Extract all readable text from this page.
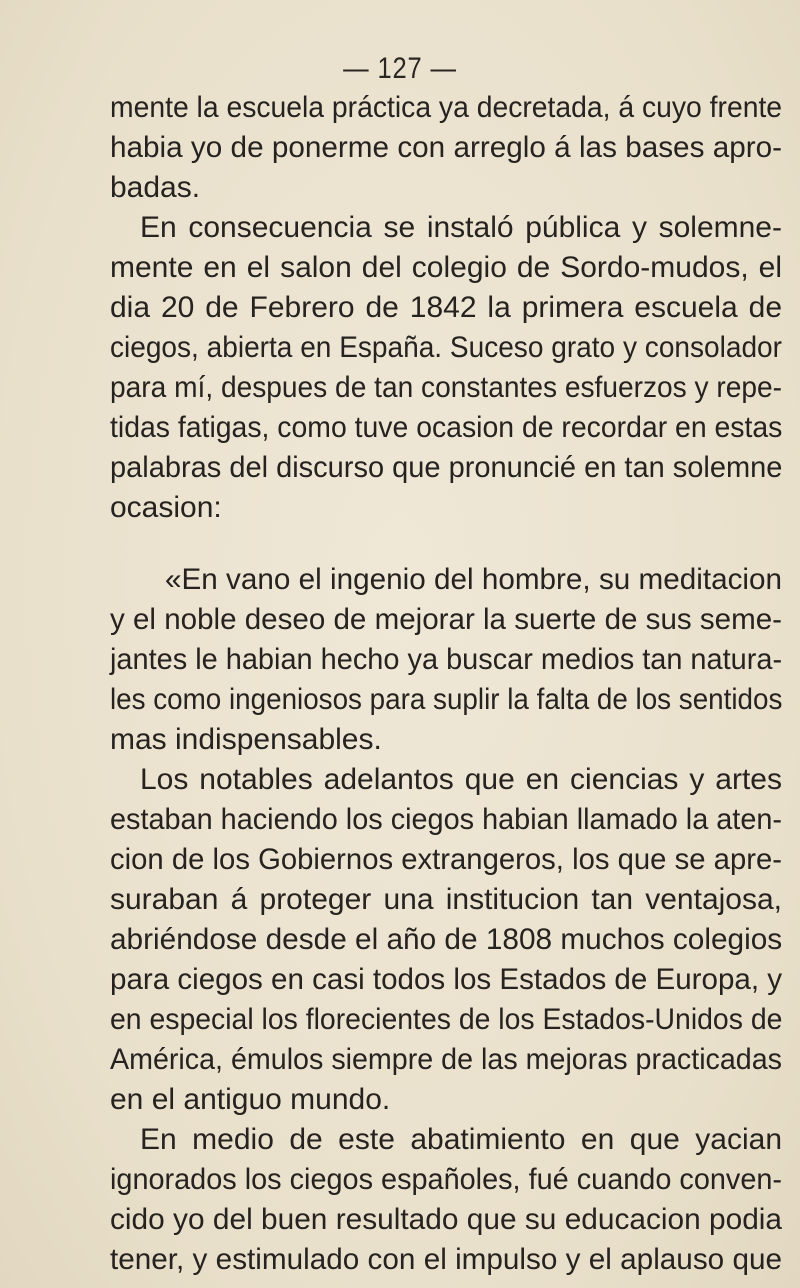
— 127 —
mente la escuela práctica ya decretada, á cuyo frente
habia yo de ponerme con arreglo á las bases apro-
badas.
En consecuencia se instaló pública y solemne-
mente en el salon del colegio de Sordo-mudos, el
dia 20 de Febrero de 1842 la primera escuela de
ciegos, abierta en España. Suceso grato y consolador
para mí, despues de tan constantes esfuerzos y repe-
tidas fatigas, como tuve ocasion de recordar en estas
palabras del discurso que pronuncié en tan solemne
ocasion:
«En vano el ingenio del hombre, su meditacion
y el noble deseo de mejorar la suerte de sus seme-
jantes le habian hecho ya buscar medios tan natura-
les como ingeniosos para suplir la falta de los sentidos
mas indispensables.
Los notables adelantos que en ciencias y artes
estaban haciendo los ciegos habian llamado la aten-
cion de los Gobiernos extrangeros, los que se apre-
suraban á proteger una institucion tan ventajosa,
abriéndose desde el año de 1808 muchos colegios
para ciegos en casi todos los Estados de Europa, y
en especial los florecientes de los Estados-Unidos de
América, émulos siempre de las mejoras practicadas
en el antiguo mundo.
En medio de este abatimiento en que yacian
ignorados los ciegos españoles, fué cuando conven-
cido yo del buen resultado que su educacion podia
tener, y estimulado con el impulso y el aplauso que
